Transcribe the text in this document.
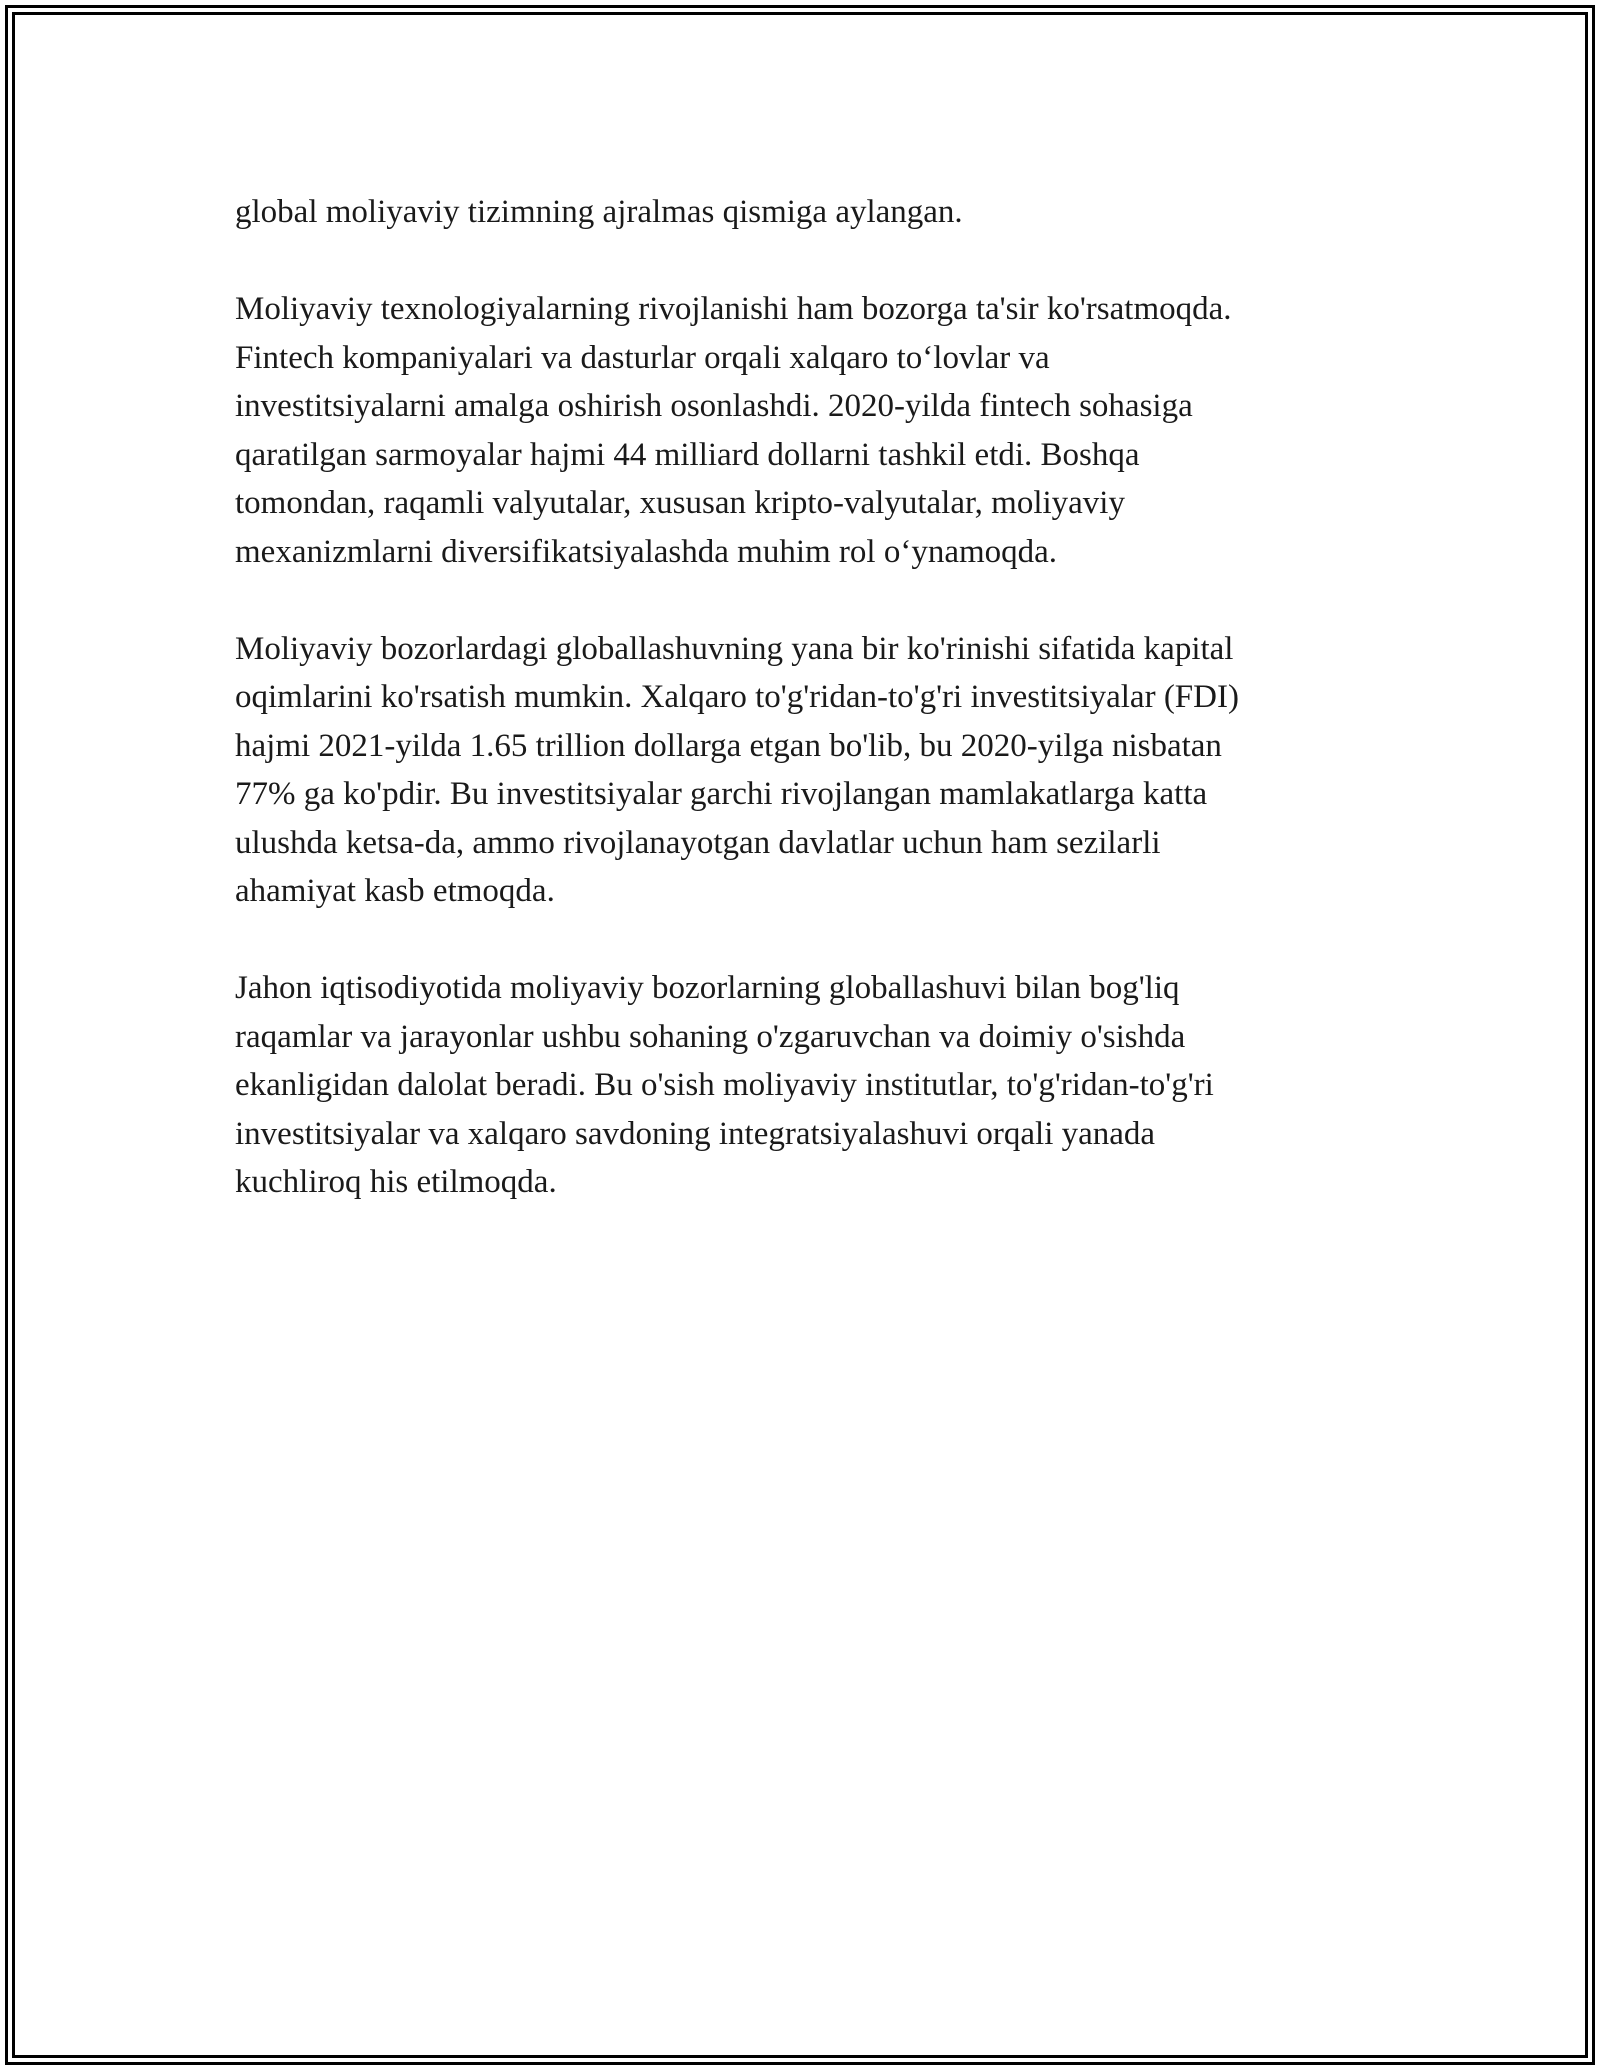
global moliyaviy tizimning ajralmas qismiga aylangan.

Moliyaviy texnologiyalarning rivojlanishi ham bozorga ta'sir ko'rsatmoqda.
Fintech kompaniyalari va dasturlar orqali xalqaro to‘lovlar va
investitsiyalarni amalga oshirish osonlashdi. 2020-yilda fintech sohasiga
qaratilgan sarmoyalar hajmi 44 milliard dollarni tashkil etdi. Boshqa
tomondan, raqamli valyutalar, xususan kripto-valyutalar, moliyaviy
mexanizmlarni diversifikatsiyalashda muhim rol o‘ynamoqda.

Moliyaviy bozorlardagi globallashuvning yana bir ko'rinishi sifatida kapital
oqimlarini ko'rsatish mumkin. Xalqaro to'g'ridan-to'g'ri investitsiyalar (FDI)
hajmi 2021-yilda 1.65 trillion dollarga etgan bo'lib, bu 2020-yilga nisbatan
77% ga ko'pdir. Bu investitsiyalar garchi rivojlangan mamlakatlarga katta
ulushda ketsa-da, ammo rivojlanayotgan davlatlar uchun ham sezilarli
ahamiyat kasb etmoqda.

Jahon iqtisodiyotida moliyaviy bozorlarning globallashuvi bilan bog'liq
raqamlar va jarayonlar ushbu sohaning o'zgaruvchan va doimiy o'sishda
ekanligidan dalolat beradi. Bu o'sish moliyaviy institutlar, to'g'ridan-to'g'ri
investitsiyalar va xalqaro savdoning integratsiyalashuvi orqali yanada
kuchliroq his etilmoqda.
